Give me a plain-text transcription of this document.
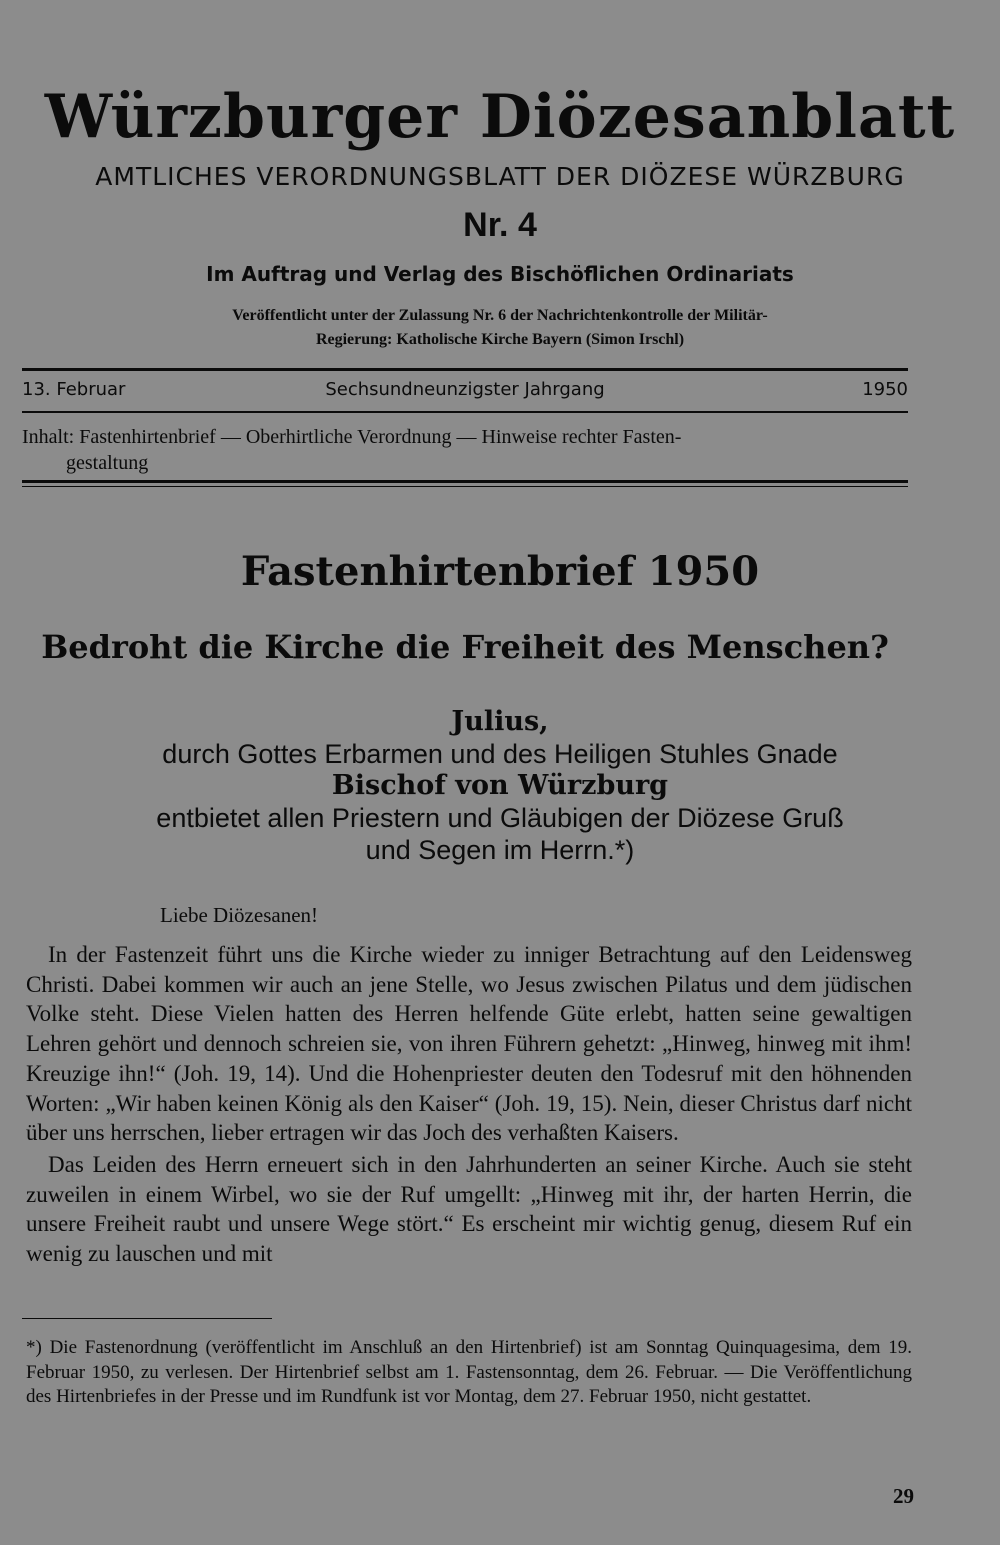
Würzburger Diözesanblatt
AMTLICHES VERORDNUNGSBLATT DER DIÖZESE WÜRZBURG
Nr. 4
Im Auftrag und Verlag des Bischöflichen Ordinariats
Veröffentlicht unter der Zulassung Nr. 6 der Nachrichtenkontrolle der Militär-
Regierung: Katholische Kirche Bayern (Simon Irschl)
13. Februar	Sechsundneunzigster Jahrgang	1950
Inhalt: Fastenhirtenbrief — Oberhirtliche Verordnung — Hinweise rechter Fasten-
gestaltung
Fastenhirtenbrief 1950
Bedroht die Kirche die Freiheit des Menschen?
Julius,
durch Gottes Erbarmen und des Heiligen Stuhles Gnade
Bischof von Würzburg
entbietet allen Priestern und Gläubigen der Diözese Gruß
und Segen im Herrn.*)
Liebe Diözesanen!

In der Fastenzeit führt uns die Kirche wieder zu inniger Betrachtung auf den Leidensweg Christi. Dabei kommen wir auch an jene Stelle, wo Jesus zwischen Pilatus und dem jüdischen Volke steht. Diese Vielen hatten des Herren helfende Güte erlebt, hatten seine gewaltigen Lehren gehört und dennoch schreien sie, von ihren Führern gehetzt: „Hinweg, hinweg mit ihm! Kreuzige ihn!“ (Joh. 19, 14). Und die Hohenpriester deuten den Todesruf mit den höhnenden Worten: „Wir haben keinen König als den Kaiser“ (Joh. 19, 15). Nein, dieser Christus darf nicht über uns herrschen, lieber ertragen wir das Joch des verhaßten Kaisers.

Das Leiden des Herrn erneuert sich in den Jahrhunderten an seiner Kirche. Auch sie steht zuweilen in einem Wirbel, wo sie der Ruf umgellt: „Hinweg mit ihr, der harten Herrin, die unsere Freiheit raubt und unsere Wege stört.“ Es erscheint mir wichtig genug, diesem Ruf ein wenig zu lauschen und mit

*) Die Fastenordnung (veröffentlicht im Anschluß an den Hirtenbrief) ist am Sonntag Quinquagesima, dem 19. Februar 1950, zu verlesen. Der Hirtenbrief selbst am 1. Fastensonntag, dem 26. Februar. — Die Veröffentlichung des Hirtenbriefes in der Presse und im Rundfunk ist vor Montag, dem 27. Februar 1950, nicht gestattet.

29
